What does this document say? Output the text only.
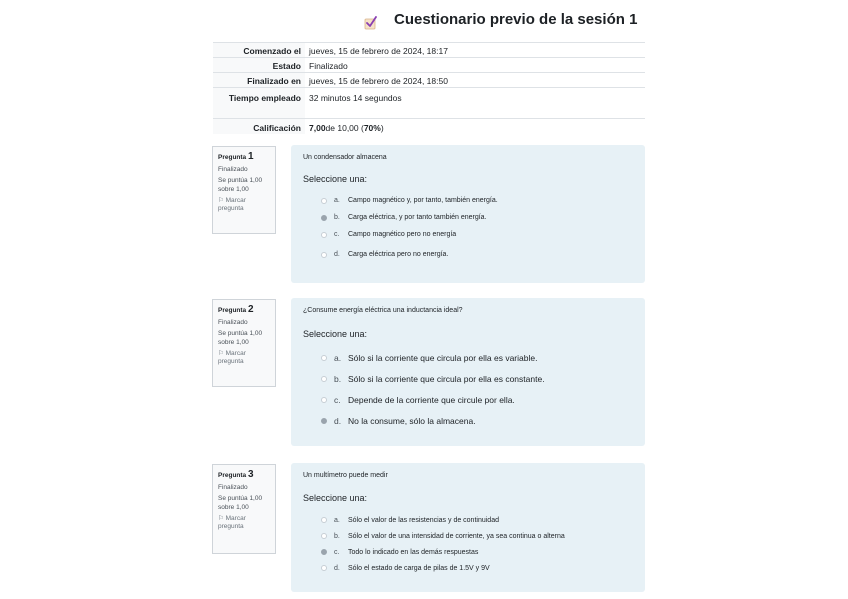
Cuestionario previo de la sesión 1
Comenzado el	jueves, 15 de febrero de 2024, 18:17
Estado	Finalizado
Finalizado en	jueves, 15 de febrero de 2024, 18:50
Tiempo empleado	32 minutos 14 segundos
Calificación	7,00de 10,00 (70%)
Pregunta 1
Finalizado
Se puntúa 1,00
sobre 1,00
⚐ Marcar
pregunta
Un condensador almacena
Seleccione una:
a.	Campo magnético y, por tanto, también energía.
b.	Carga eléctrica, y por tanto también energía.
c.	Campo magnético pero no energía
d.	Carga eléctrica pero no energía.
Pregunta 2
Finalizado
Se puntúa 1,00
sobre 1,00
⚐ Marcar
pregunta
¿Consume energía eléctrica una inductancia ideal?
Seleccione una:
a. Sólo si la corriente que circula por ella es variable.
b. Sólo si la corriente que circula por ella es constante.
c. Depende de la corriente que circule por ella.
d. No la consume, sólo la almacena.
Pregunta 3
Finalizado
Se puntúa 1,00
sobre 1,00
⚐ Marcar
pregunta
Un multímetro puede medir
Seleccione una:
a.	Sólo el valor de las resistencias y de continuidad
b.	Sólo el valor de una intensidad de corriente, ya sea continua o alterna
c.	Todo lo indicado en las demás respuestas
d.	Sólo el estado de carga de pilas de 1.5V y 9V
